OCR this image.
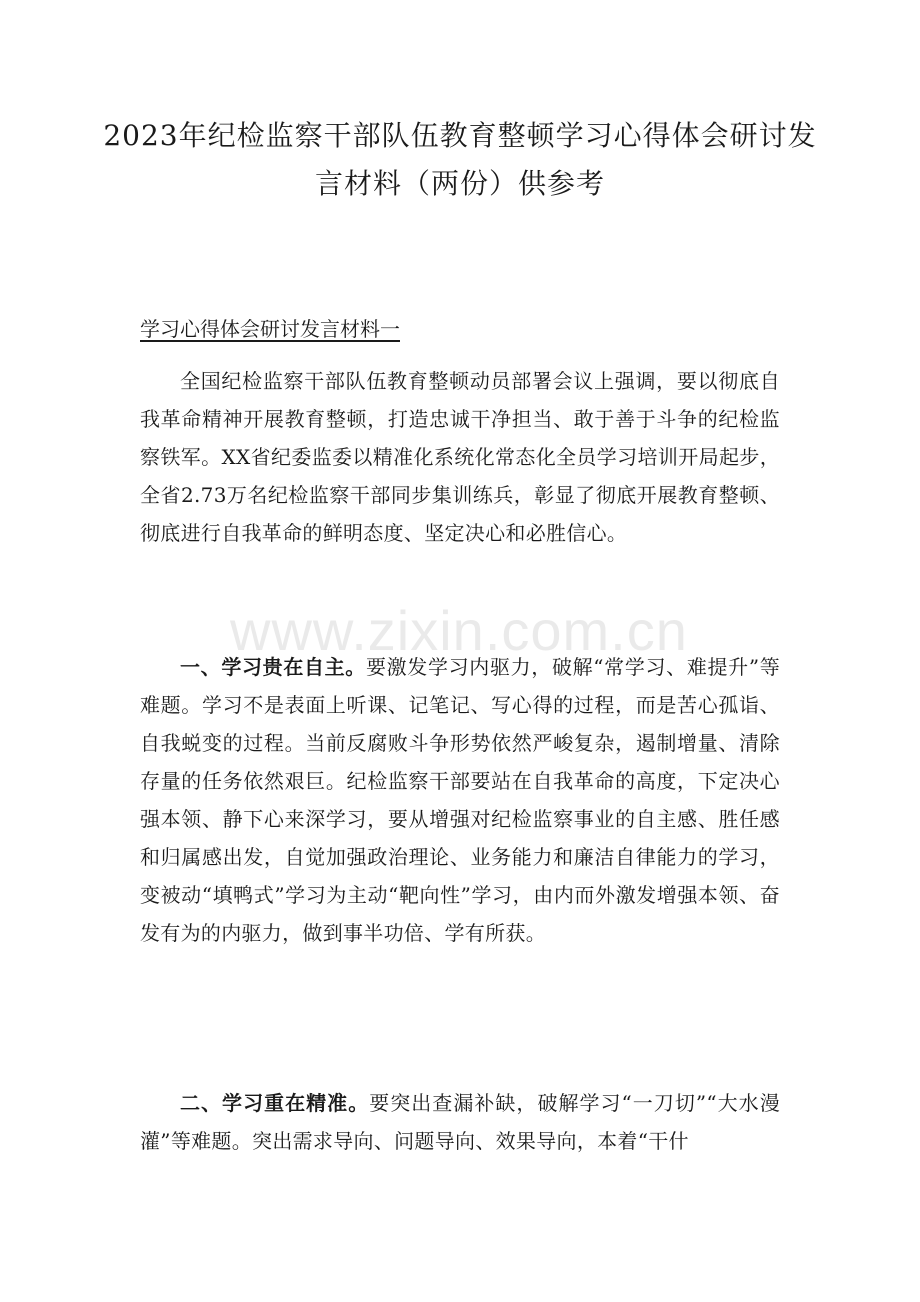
2023年纪检监察干部队伍教育整顿学习心得体会研讨发言材料（两份）供参考
学习心得体会研讨发言材料一

全国纪检监察干部队伍教育整顿动员部署会议上强调，要以彻底自我革命精神开展教育整顿，打造忠诚干净担当、敢于善于斗争的纪检监察铁军。XX省纪委监委以精准化系统化常态化全员学习培训开局起步，全省2.73万名纪检监察干部同步集训练兵，彰显了彻底开展教育整顿、彻底进行自我革命的鲜明态度、坚定决心和必胜信心。

www.zixin.com.cn

一、学习贵在自主。要激发学习内驱力，破解“常学习、难提升”等难题。学习不是表面上听课、记笔记、写心得的过程，而是苦心孤诣、自我蜕变的过程。当前反腐败斗争形势依然严峻复杂，遏制增量、清除存量的任务依然艰巨。纪检监察干部要站在自我革命的高度，下定决心强本领、静下心来深学习，要从增强对纪检监察事业的自主感、胜任感和归属感出发，自觉加强政治理论、业务能力和廉洁自律能力的学习，变被动“填鸭式”学习为主动“靶向性”学习，由内而外激发增强本领、奋发有为的内驱力，做到事半功倍、学有所获。

二、学习重在精准。要突出查漏补缺，破解学习“一刀切”“大水漫灌”等难题。突出需求导向、问题导向、效果导向，本着“干什
